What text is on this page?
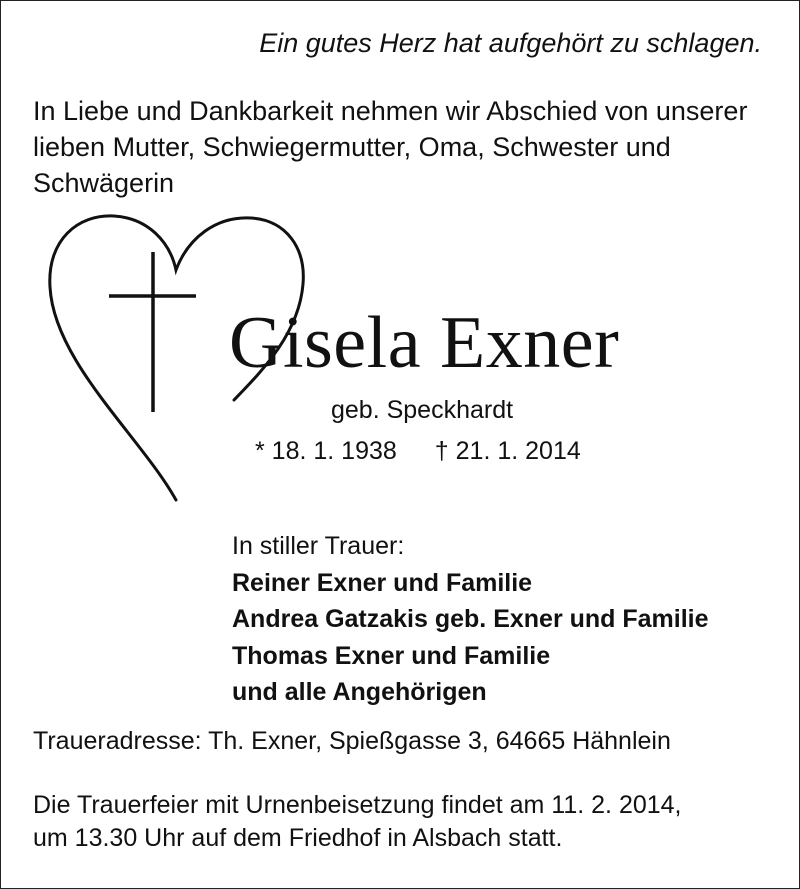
Ein gutes Herz hat aufgehört zu schlagen.
In Liebe und Dankbarkeit nehmen wir Abschied von unserer
lieben Mutter, Schwiegermutter, Oma, Schwester und
Schwägerin
Gisela Exner
geb. Speckhardt
* 18. 1. 1938 † 21. 1. 2014
In stiller Trauer:
Reiner Exner und Familie
Andrea Gatzakis geb. Exner und Familie
Thomas Exner und Familie
und alle Angehörigen
Traueradresse: Th. Exner, Spießgasse 3, 64665 Hähnlein
Die Trauerfeier mit Urnenbeisetzung findet am 11. 2. 2014,
um 13.30 Uhr auf dem Friedhof in Alsbach statt.
